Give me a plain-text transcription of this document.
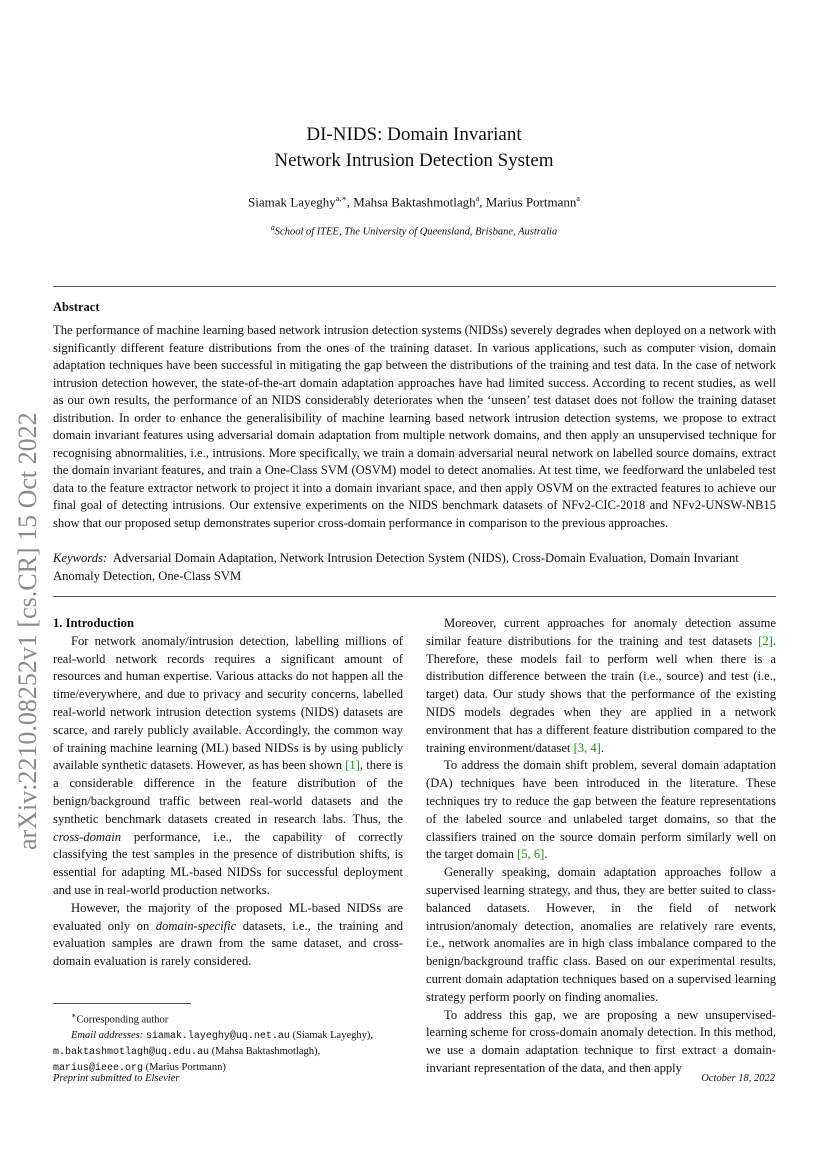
arXiv:2210.08252v1 [cs.CR] 15 Oct 2022
DI-NIDS: Domain Invariant
Network Intrusion Detection System
Siamak Layeghy$^{a,∗}$, Mahsa Baktashmotlagh$^a$, Marius Portmann$^a$
$^a$School of ITEE, The University of Queensland, Brisbane, Australia
Abstract

The performance of machine learning based network intrusion detection systems (NIDSs) severely degrades when deployed on a network with significantly different feature distributions from the ones of the training dataset. In various applications, such as computer vision, domain adaptation techniques have been successful in mitigating the gap between the distributions of the training and test data. In the case of network intrusion detection however, the state-of-the-art domain adaptation approaches have had limited success. According to recent studies, as well as our own results, the performance of an NIDS considerably deteriorates when the ‘unseen’ test dataset does not follow the training dataset distribution. In order to enhance the generalisibility of machine learning based network intrusion detection systems, we propose to extract domain invariant features using adversarial domain adaptation from multiple network domains, and then apply an unsupervised technique for recognising abnormalities, i.e., intrusions. More specifically, we train a domain adversarial neural network on labelled source domains, extract the domain invariant features, and train a One-Class SVM (OSVM) model to detect anomalies. At test time, we feedforward the unlabeled test data to the feature extractor network to project it into a domain invariant space, and then apply OSVM on the extracted features to achieve our final goal of detecting intrusions. Our extensive experiments on the NIDS benchmark datasets of NFv2-CIC-2018 and NFv2-UNSW-NB15 show that our proposed setup demonstrates superior cross-domain performance in comparison to the previous approaches.

Keywords: Adversarial Domain Adaptation, Network Intrusion Detection System (NIDS), Cross-Domain Evaluation, Domain Invariant Anomaly Detection, One-Class SVM

1. Introduction

For network anomaly/intrusion detection, labelling millions of real-world network records requires a significant amount of resources and human expertise. Various attacks do not happen all the time/everywhere, and due to privacy and security concerns, labelled real-world network intrusion detection systems (NIDS) datasets are scarce, and rarely publicly available. Accordingly, the common way of training machine learning (ML) based NIDSs is by using publicly available synthetic datasets. However, as has been shown [1], there is a considerable difference in the feature distribution of the benign/background traffic between real-world datasets and the synthetic benchmark datasets created in research labs. Thus, the cross-domain performance, i.e., the capability of correctly classifying the test samples in the presence of distribution shifts, is essential for adapting ML-based NIDSs for successful deployment and use in real-world production networks.

However, the majority of the proposed ML-based NIDSs are evaluated only on domain-specific datasets, i.e., the training and evaluation samples are drawn from the same dataset, and cross-domain evaluation is rarely considered.

Moreover, current approaches for anomaly detection assume similar feature distributions for the training and test datasets [2]. Therefore, these models fail to perform well when there is a distribution difference between the train (i.e., source) and test (i.e., target) data. Our study shows that the performance of the existing NIDS models degrades when they are applied in a network environment that has a different feature distribution compared to the training environment/dataset [3, 4].

To address the domain shift problem, several domain adaptation (DA) techniques have been introduced in the literature. These techniques try to reduce the gap between the feature representations of the labeled source and unlabeled target domains, so that the classifiers trained on the source domain perform similarly well on the target domain [5, 6].

Generally speaking, domain adaptation approaches follow a supervised learning strategy, and thus, they are better suited to class-balanced datasets. However, in the field of network intrusion/anomaly detection, anomalies are relatively rare events, i.e., network anomalies are in high class imbalance compared to the benign/background traffic class. Based on our experimental results, current domain adaptation techniques based on a supervised learning strategy perform poorly on finding anomalies.

To address this gap, we are proposing a new unsupervised-learning scheme for cross-domain anomaly detection. In this method, we use a domain adaptation technique to first extract a domain-invariant representation of the data, and then apply

∗Corresponding author
Email addresses: siamak.layeghy@uq.net.au (Siamak Layeghy), m.baktashmotlagh@uq.edu.au (Mahsa Baktashmotlagh), marius@ieee.org (Marius Portmann)
Preprint submitted to Elsevier	October 18, 2022
